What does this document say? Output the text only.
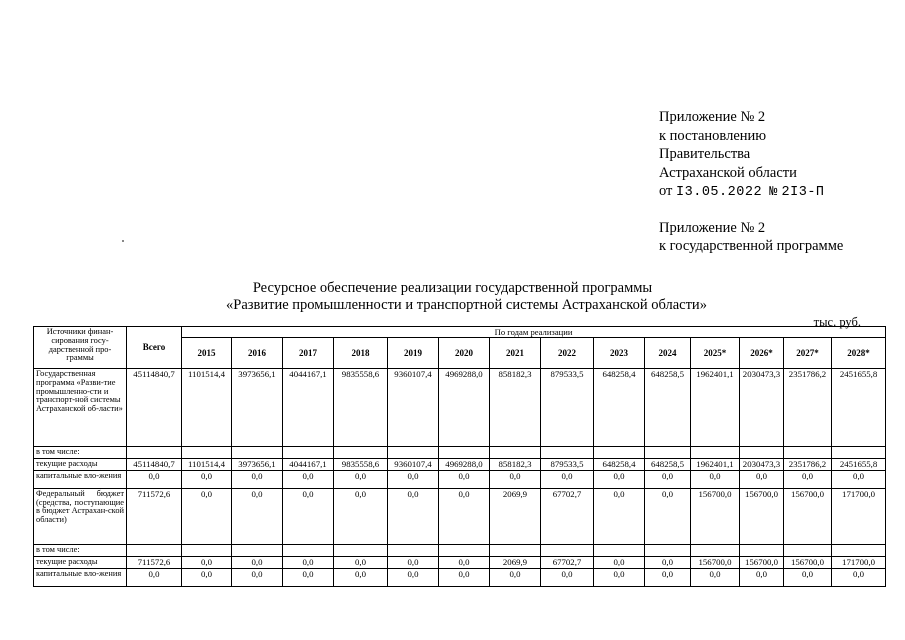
Приложение № 2
к постановлению
Правительства
Астраханской области
от I3.05.2022 № 2I3-П
Приложение № 2
к государственной программе
Ресурсное обеспечение реализации государственной программы
«Развитие промышленности и транспортной системы Астраханской области»
тыс. руб.
Источники финан-сирования госу-дарственной про-граммы	Всего	По годам реализации													
		2015	2016	2017	2018	2019	2020	2021	2022	2023	2024	2025*	2026*	2027*	2028*
Государственная программа «Разви-тие промышленно-сти и транспорт-ной системы Астраханской об-ласти»	45114840,7	1101514,4	3973656,1	4044167,1	9835558,6	9360107,4	4969288,0	858182,3	879533,5	648258,4	648258,5	1962401,1	2030473,3	2351786,2	2451655,8
в том числе:															
текущие расходы	45114840,7	1101514,4	3973656,1	4044167,1	9835558,6	9360107,4	4969288,0	858182,3	879533,5	648258,4	648258,5	1962401,1	2030473,3	2351786,2	2451655,8
капитальные вло-жения	0,0	0,0	0,0	0,0	0,0	0,0	0,0	0,0	0,0	0,0	0,0	0,0	0,0	0,0	0,0
Федеральный бюджет (средства, поступающие в бюджет Астрахан-ской области)	711572,6	0,0	0,0	0,0	0,0	0,0	0,0	2069,9	67702,7	0,0	0,0	156700,0	156700,0	156700,0	171700,0
в том числе:															
текущие расходы	711572,6	0,0	0,0	0,0	0,0	0,0	0,0	2069,9	67702,7	0,0	0,0	156700,0	156700,0	156700,0	171700,0
капитальные вло-жения	0,0	0,0	0,0	0,0	0,0	0,0	0,0	0,0	0,0	0,0	0,0	0,0	0,0	0,0	0,0
